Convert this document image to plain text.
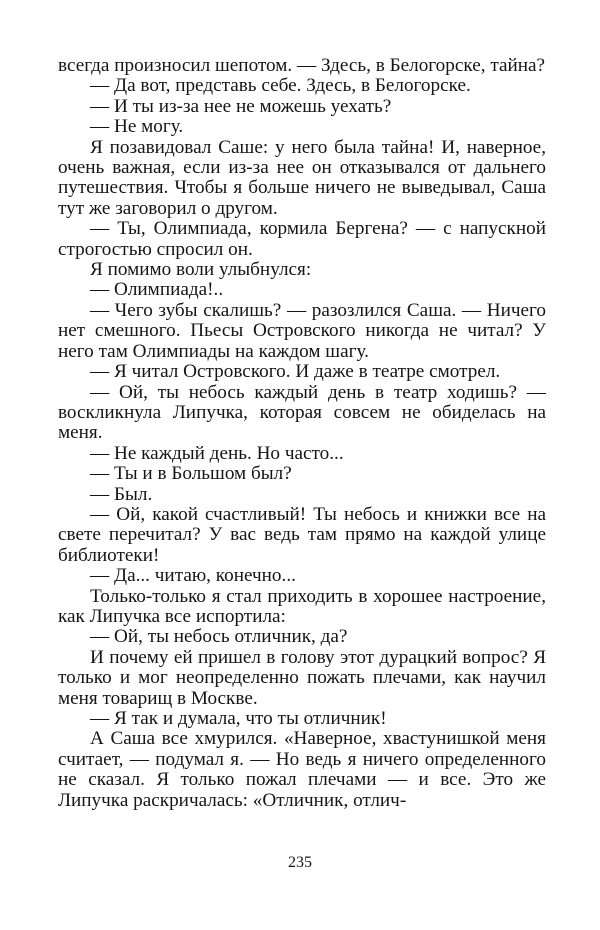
всегда произносил шепотом. — Здесь, в Белогорске, тайна?

— Да вот, представь себе. Здесь, в Белогорске.

— И ты из-за нее не можешь уехать?

— Не могу.

Я позавидовал Саше: у него была тайна! И, наверное, очень важная, если из-за нее он отказывался от дальнего путешествия. Чтобы я больше ничего не выведывал, Саша тут же заговорил о другом.

— Ты, Олимпиада, кормила Бергена? — с напускной строгостью спросил он.

Я помимо воли улыбнулся:

— Олимпиада!..

— Чего зубы скалишь? — разозлился Саша. — Ничего нет смешного. Пьесы Островского никогда не читал? У него там Олимпиады на каждом шагу.

— Я читал Островского. И даже в театре смотрел.

— Ой, ты небось каждый день в театр ходишь? — воскликнула Липучка, которая совсем не обиделась на меня.

— Не каждый день. Но часто...

— Ты и в Большом был?

— Был.

— Ой, какой счастливый! Ты небось и книжки все на свете перечитал? У вас ведь там прямо на каждой улице библиотеки!

— Да... читаю, конечно...

Только-только я стал приходить в хорошее настроение, как Липучка все испортила:

— Ой, ты небось отличник, да?

И почему ей пришел в голову этот дурацкий вопрос? Я только и мог неопределенно пожать плечами, как научил меня товарищ в Москве.

— Я так и думала, что ты отличник!

А Саша все хмурился. «Наверное, хвастунишкой меня считает, — подумал я. — Но ведь я ничего определенного не сказал. Я только пожал плечами — и все. Это же Липучка раскричалась: «Отличник, отлич-

235
